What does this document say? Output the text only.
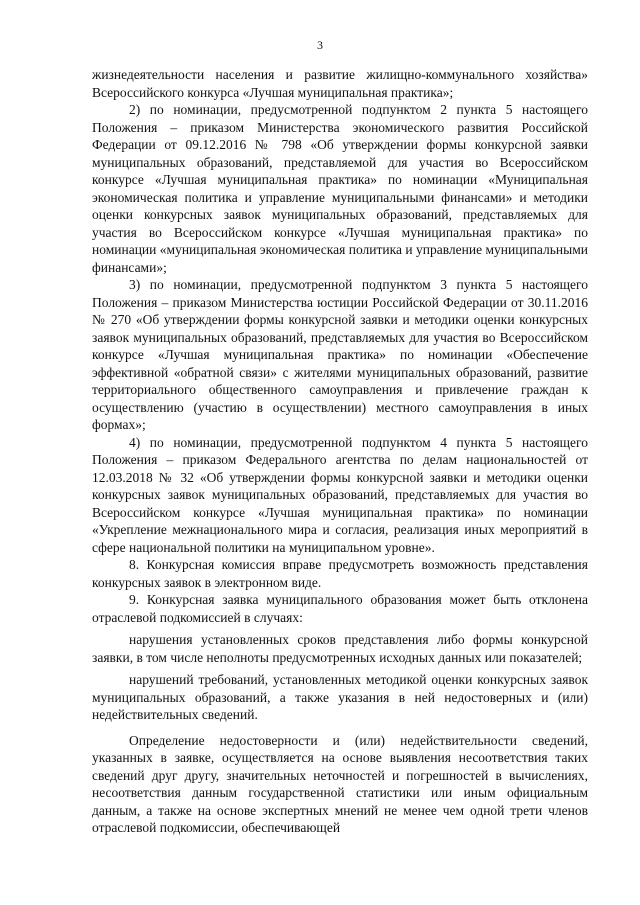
3

жизнедеятельности населения и развитие жилищно-коммунального хозяйства» Всероссийского конкурса «Лучшая муниципальная практика»;

2) по номинации, предусмотренной подпунктом 2 пункта 5 настоящего Положения – приказом Министерства экономического развития Российской Федерации от 09.12.2016 № 798 «Об утверждении формы конкурсной заявки муниципальных образований, представляемой для участия во Всероссийском конкурсе «Лучшая муниципальная практика» по номинации «Муниципальная экономическая политика и управление муниципальными финансами» и методики оценки конкурсных заявок муниципальных образований, представляемых для участия во Всероссийском конкурсе «Лучшая муниципальная практика» по номинации «муниципальная экономическая политика и управление муниципальными финансами»;

3) по номинации, предусмотренной подпунктом 3 пункта 5 настоящего Положения – приказом Министерства юстиции Российской Федерации от 30.11.2016 № 270 «Об утверждении формы конкурсной заявки и методики оценки конкурсных заявок муниципальных образований, представляемых для участия во Всероссийском конкурсе «Лучшая муниципальная практика» по номинации «Обеспечение эффективной «обратной связи» с жителями муниципальных образований, развитие территориального общественного самоуправления и привлечение граждан к осуществлению (участию в осуществлении) местного самоуправления в иных формах»;

4) по номинации, предусмотренной подпунктом 4 пункта 5 настоящего Положения – приказом Федерального агентства по делам национальностей от 12.03.2018 № 32 «Об утверждении формы конкурсной заявки и методики оценки конкурсных заявок муниципальных образований, представляемых для участия во Всероссийском конкурсе «Лучшая муниципальная практика» по номинации «Укрепление межнационального мира и согласия, реализация иных мероприятий в сфере национальной политики на муниципальном уровне».

8. Конкурсная комиссия вправе предусмотреть возможность представления конкурсных заявок в электронном виде.

9. Конкурсная заявка муниципального образования может быть отклонена отраслевой подкомиссией в случаях:

нарушения установленных сроков представления либо формы конкурсной заявки, в том числе неполноты предусмотренных исходных данных или показателей;

нарушений требований, установленных методикой оценки конкурсных заявок муниципальных образований, а также указания в ней недостоверных и (или) недействительных сведений.

Определение недостоверности и (или) недействительности сведений, указанных в заявке, осуществляется на основе выявления несоответствия таких сведений друг другу, значительных неточностей и погрешностей в вычислениях, несоответствия данным государственной статистики или иным официальным данным, а также на основе экспертных мнений не менее чем одной трети членов отраслевой подкомиссии, обеспечивающей
